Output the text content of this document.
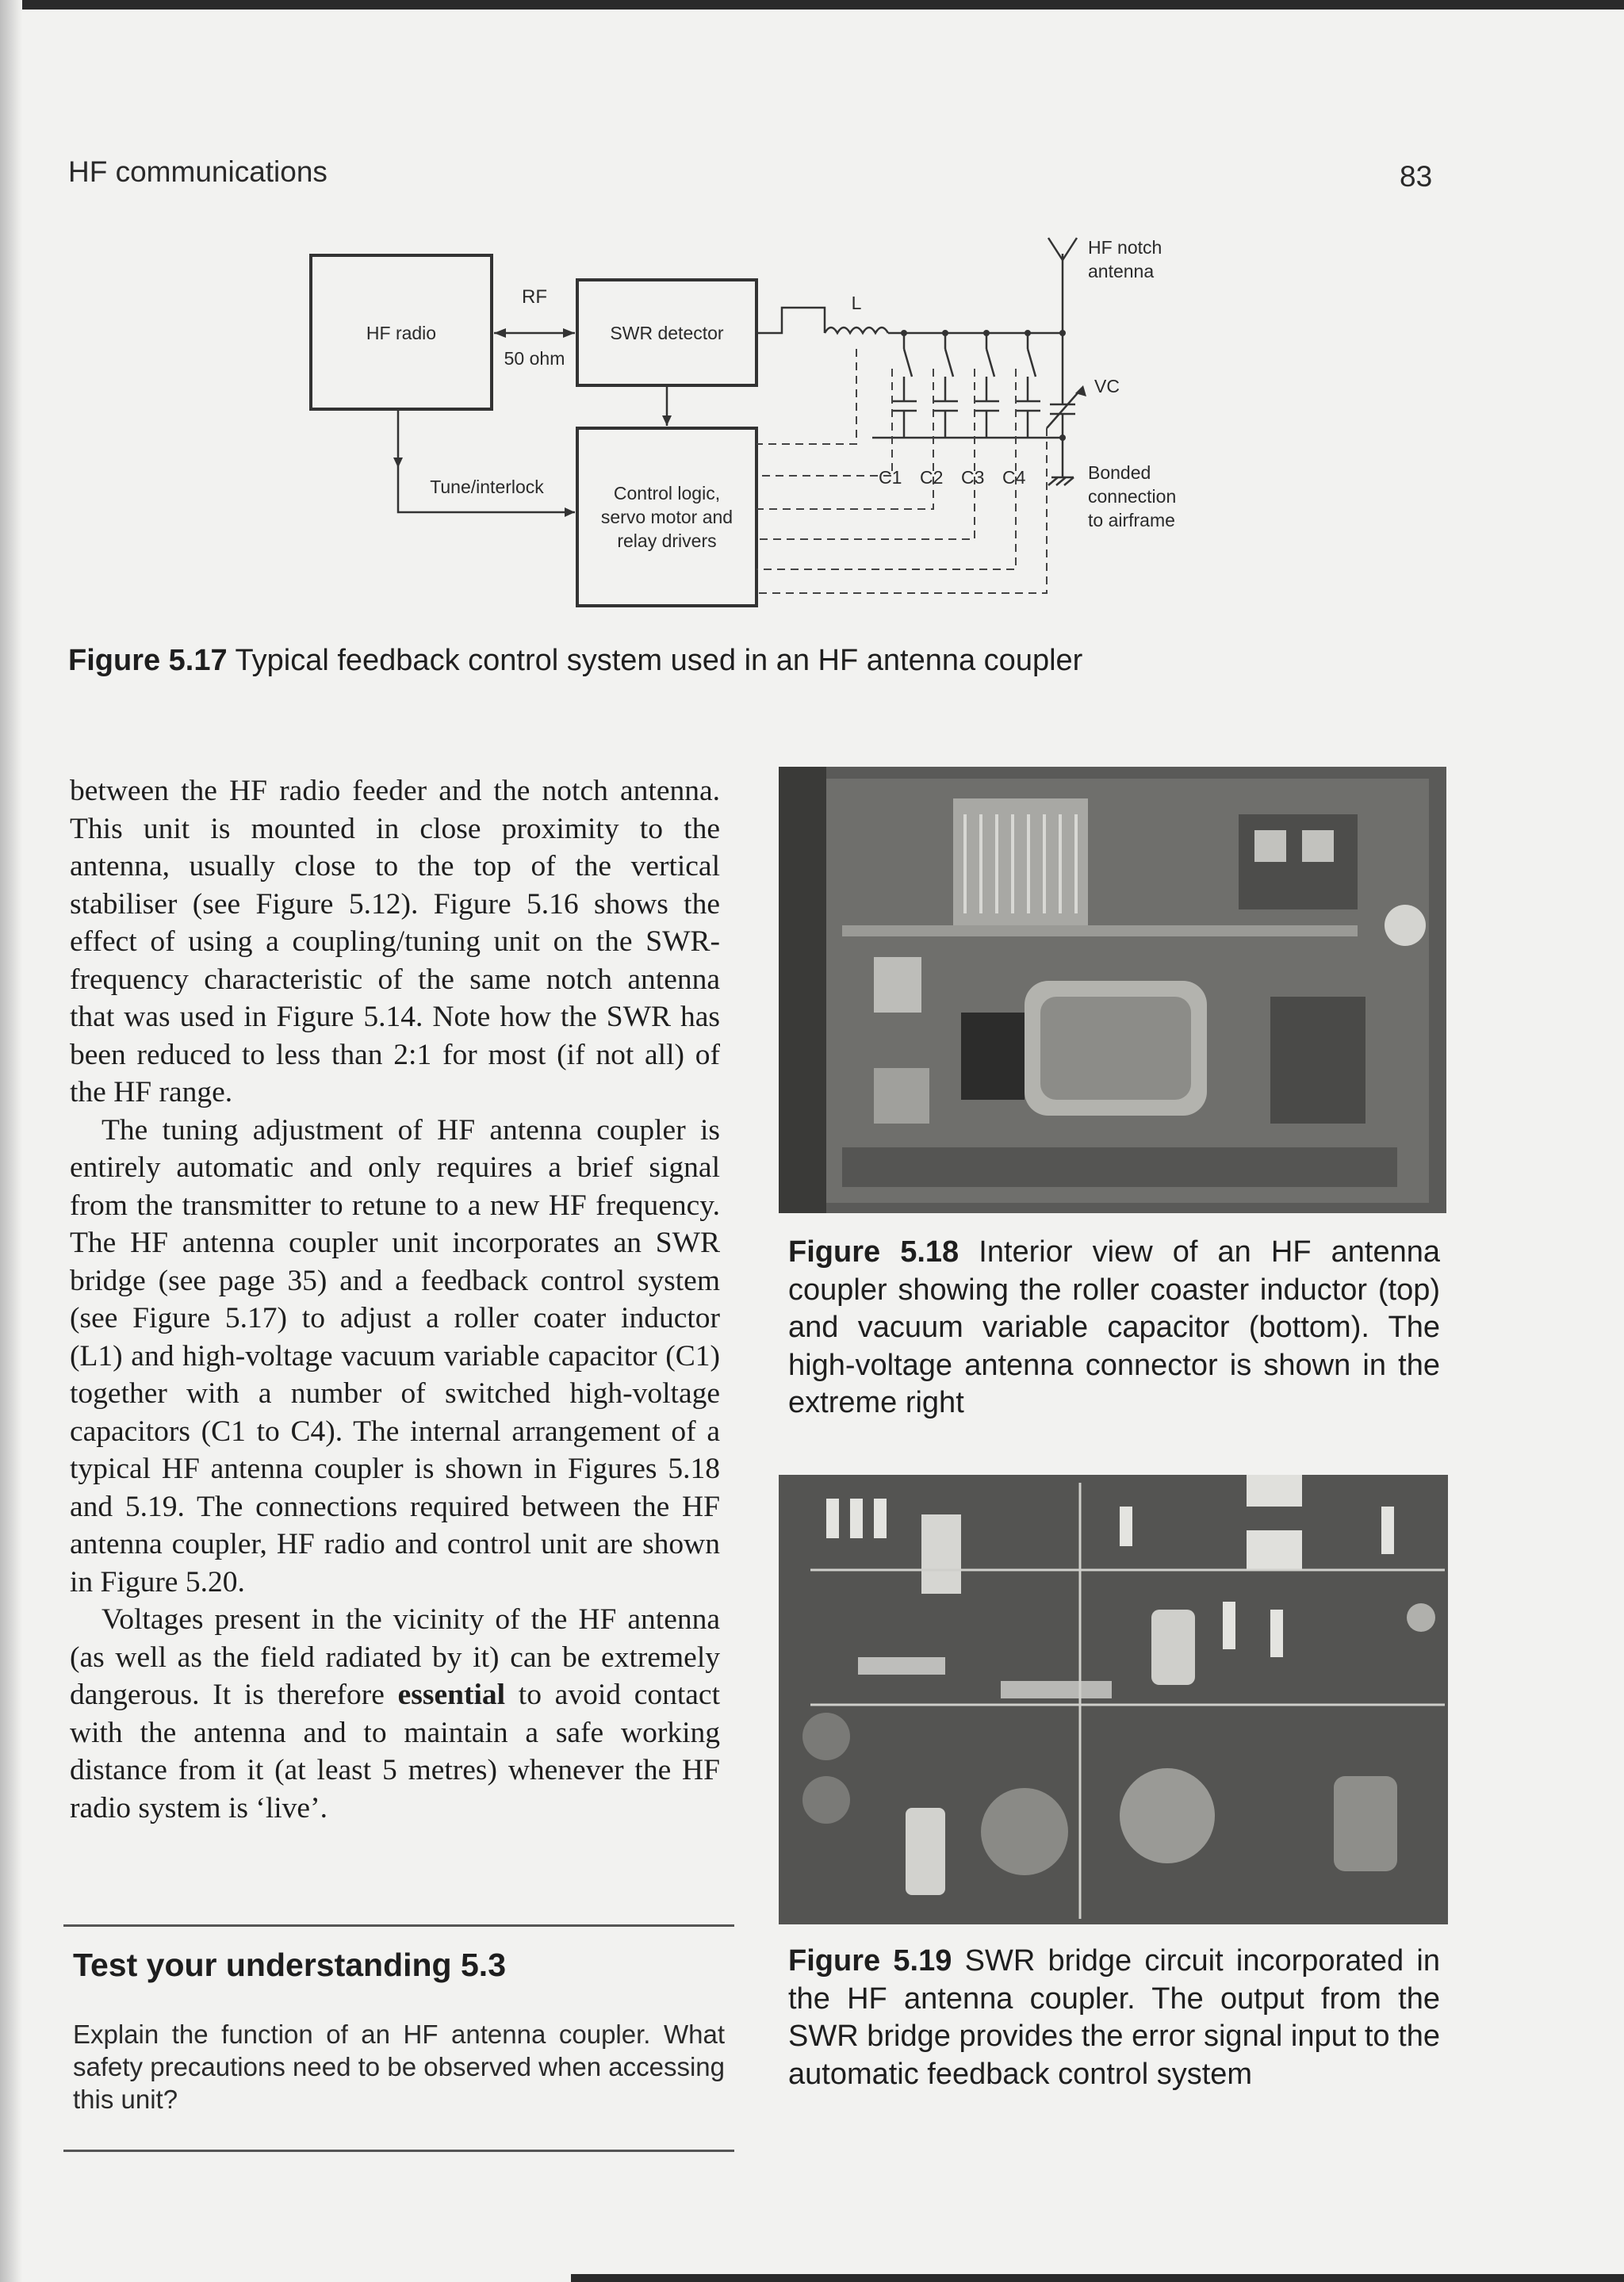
HF communications	83
HF radio
RF
50 ohm
SWR detector
L
HF notch
antenna
VC
C1 C2 C3 C4	Bonded
connection
to airframe
Tune/interlock	Control logic,
servo motor and
relay drivers
Figure 5.17 Typical feedback control system used in an HF antenna coupler

between the HF radio feeder and the notch antenna. This unit is mounted in close proximity to the antenna, usually close to the top of the vertical stabiliser (see Figure 5.12). Figure 5.16 shows the effect of using a coupling/tuning unit on the SWR-frequency characteristic of the same notch antenna that was used in Figure 5.14. Note how the SWR has been reduced to less than 2:1 for most (if not all) of the HF range.

The tuning adjustment of HF antenna coupler is entirely automatic and only requires a brief signal from the transmitter to retune to a new HF frequency. The HF antenna coupler unit incorporates an SWR bridge (see page 35) and a feedback control system (see Figure 5.17) to adjust a roller coater inductor (L1) and high-voltage vacuum variable capacitor (C1) together with a number of switched high-voltage capacitors (C1 to C4). The internal arrangement of a typical HF antenna coupler is shown in Figures 5.18 and 5.19. The connections required between the HF antenna coupler, HF radio and control unit are shown in Figure 5.20.

Voltages present in the vicinity of the HF antenna (as well as the field radiated by it) can be extremely dangerous. It is therefore essential to avoid contact with the antenna and to maintain a safe working distance from it (at least 5 metres) whenever the HF radio system is ‘live’.

Test your understanding 5.3
Explain the function of an HF antenna coupler. What safety precautions need to be observed when accessing this unit?
Figure 5.18 Interior view of an HF antenna coupler showing the roller coaster inductor (top) and vacuum variable capacitor (bottom). The high-voltage antenna connector is shown in the extreme right
Figure 5.19 SWR bridge circuit incorporated in the HF antenna coupler. The output from the SWR bridge provides the error signal input to the automatic feedback control system
